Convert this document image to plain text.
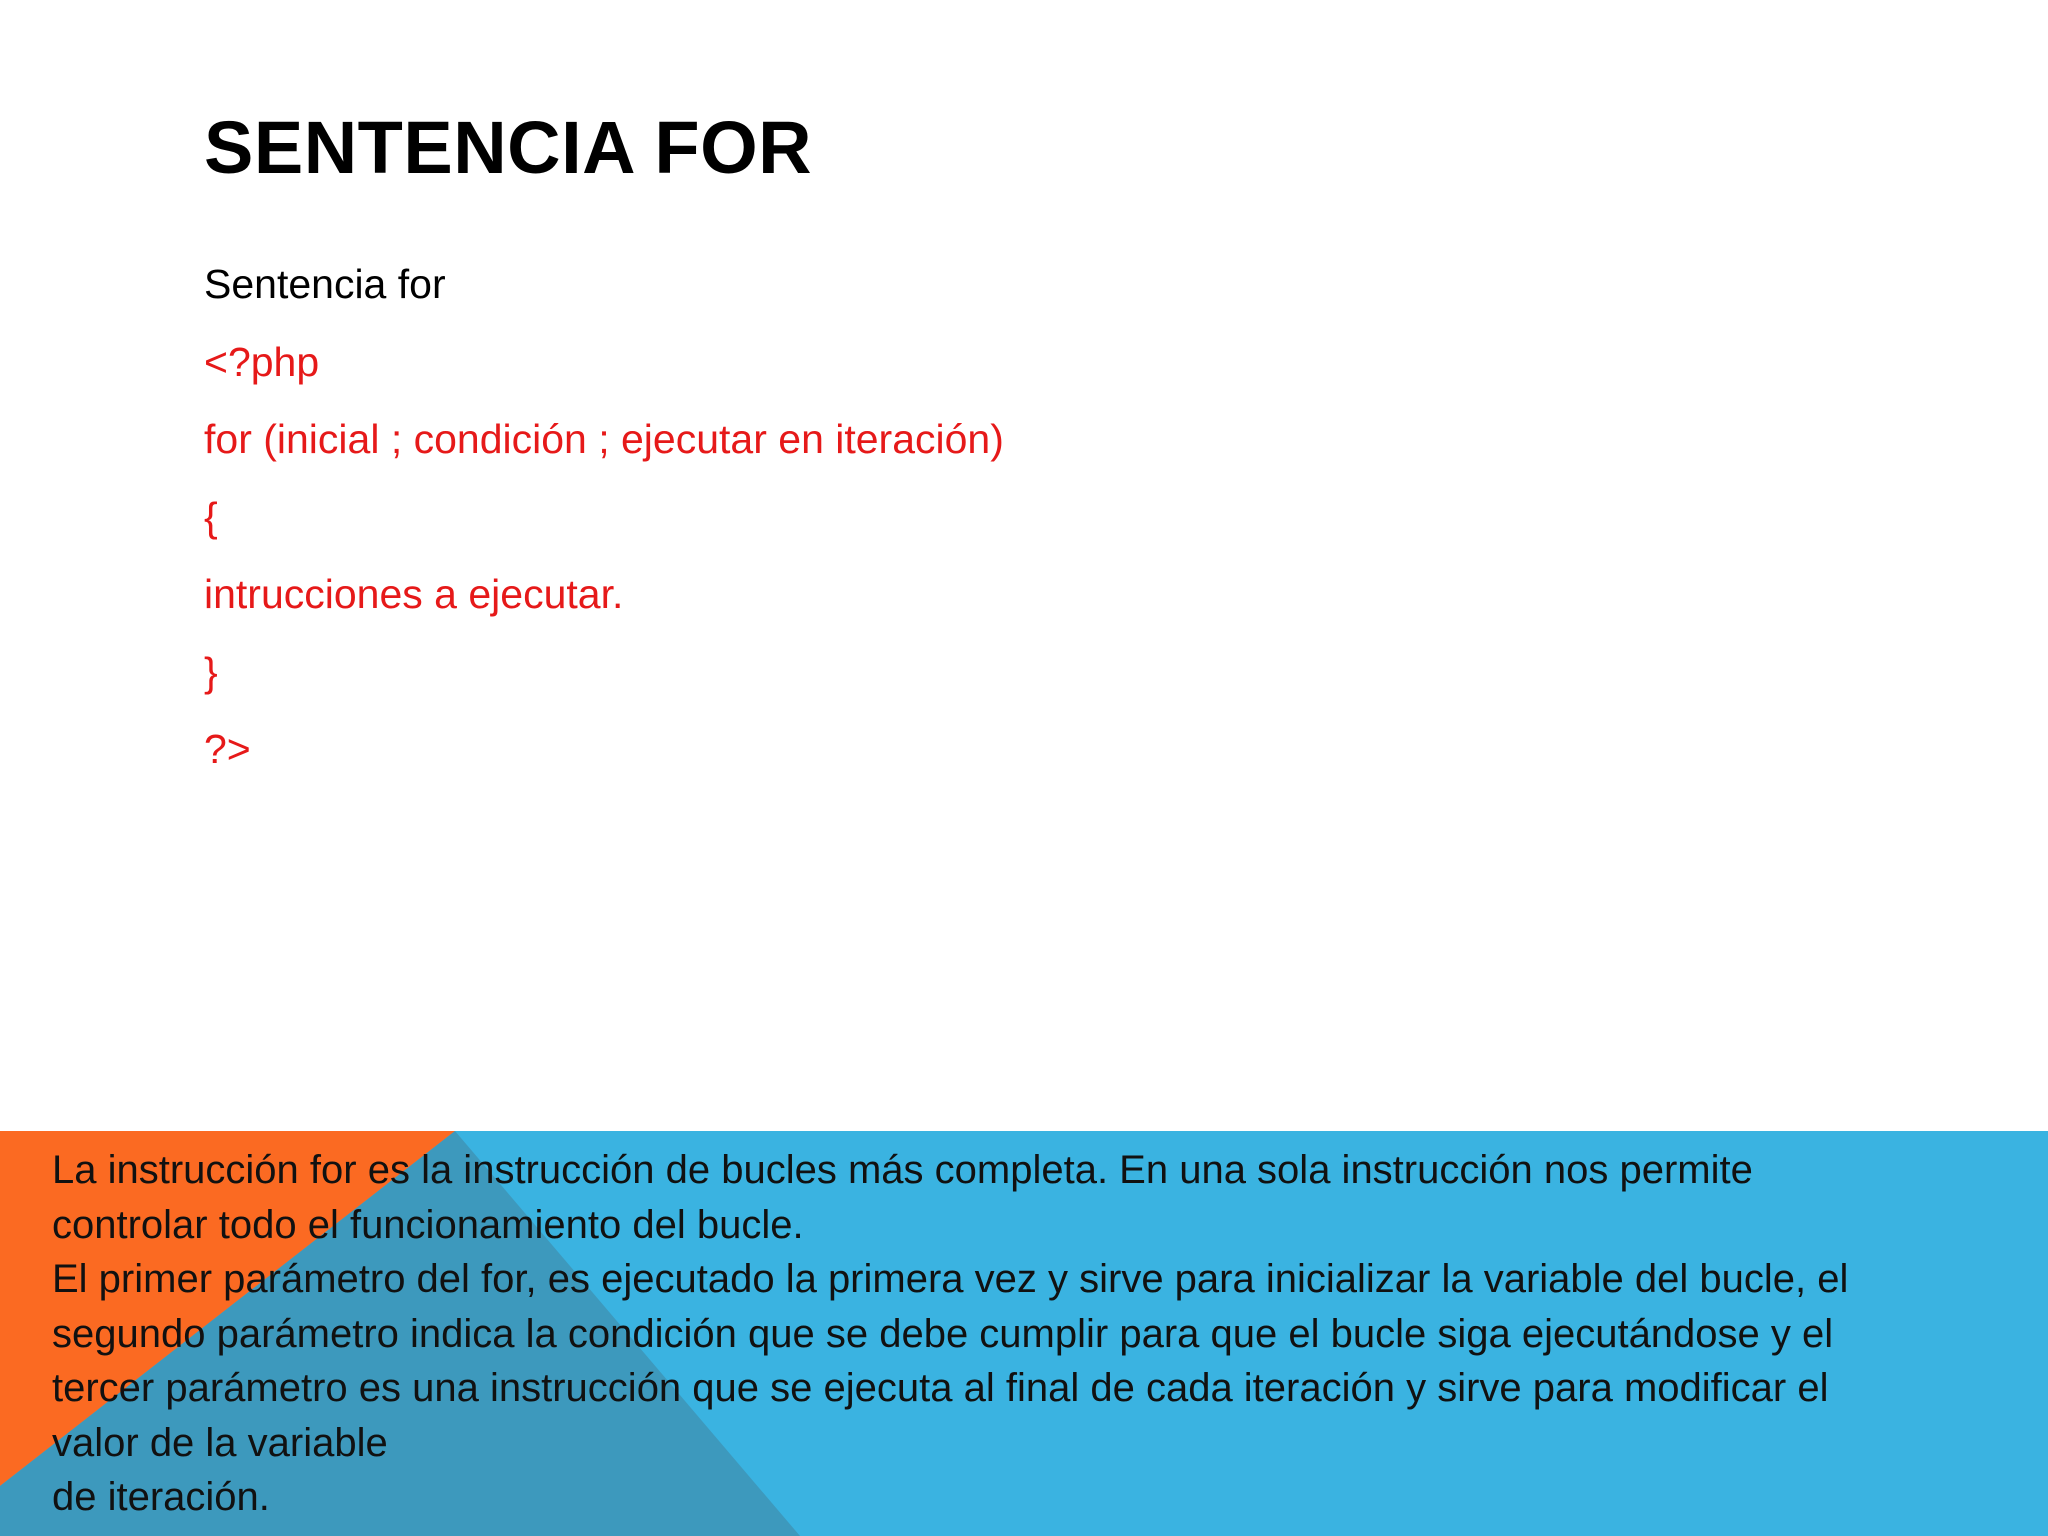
SENTENCIA FOR
Sentencia for
<?php
for (inicial ; condición ; ejecutar en iteración)
{
intrucciones a ejecutar.
}
?>

La instrucción for es la instrucción de bucles más completa. En una sola instrucción nos permite
controlar todo el funcionamiento del bucle.
El primer parámetro del for, es ejecutado la primera vez y sirve para inicializar la variable del bucle, el
segundo parámetro indica la condición que se debe cumplir para que el bucle siga ejecutándose y el
tercer parámetro es una instrucción que se ejecuta al final de cada iteración y sirve para modificar el
valor de la variable
de iteración.
